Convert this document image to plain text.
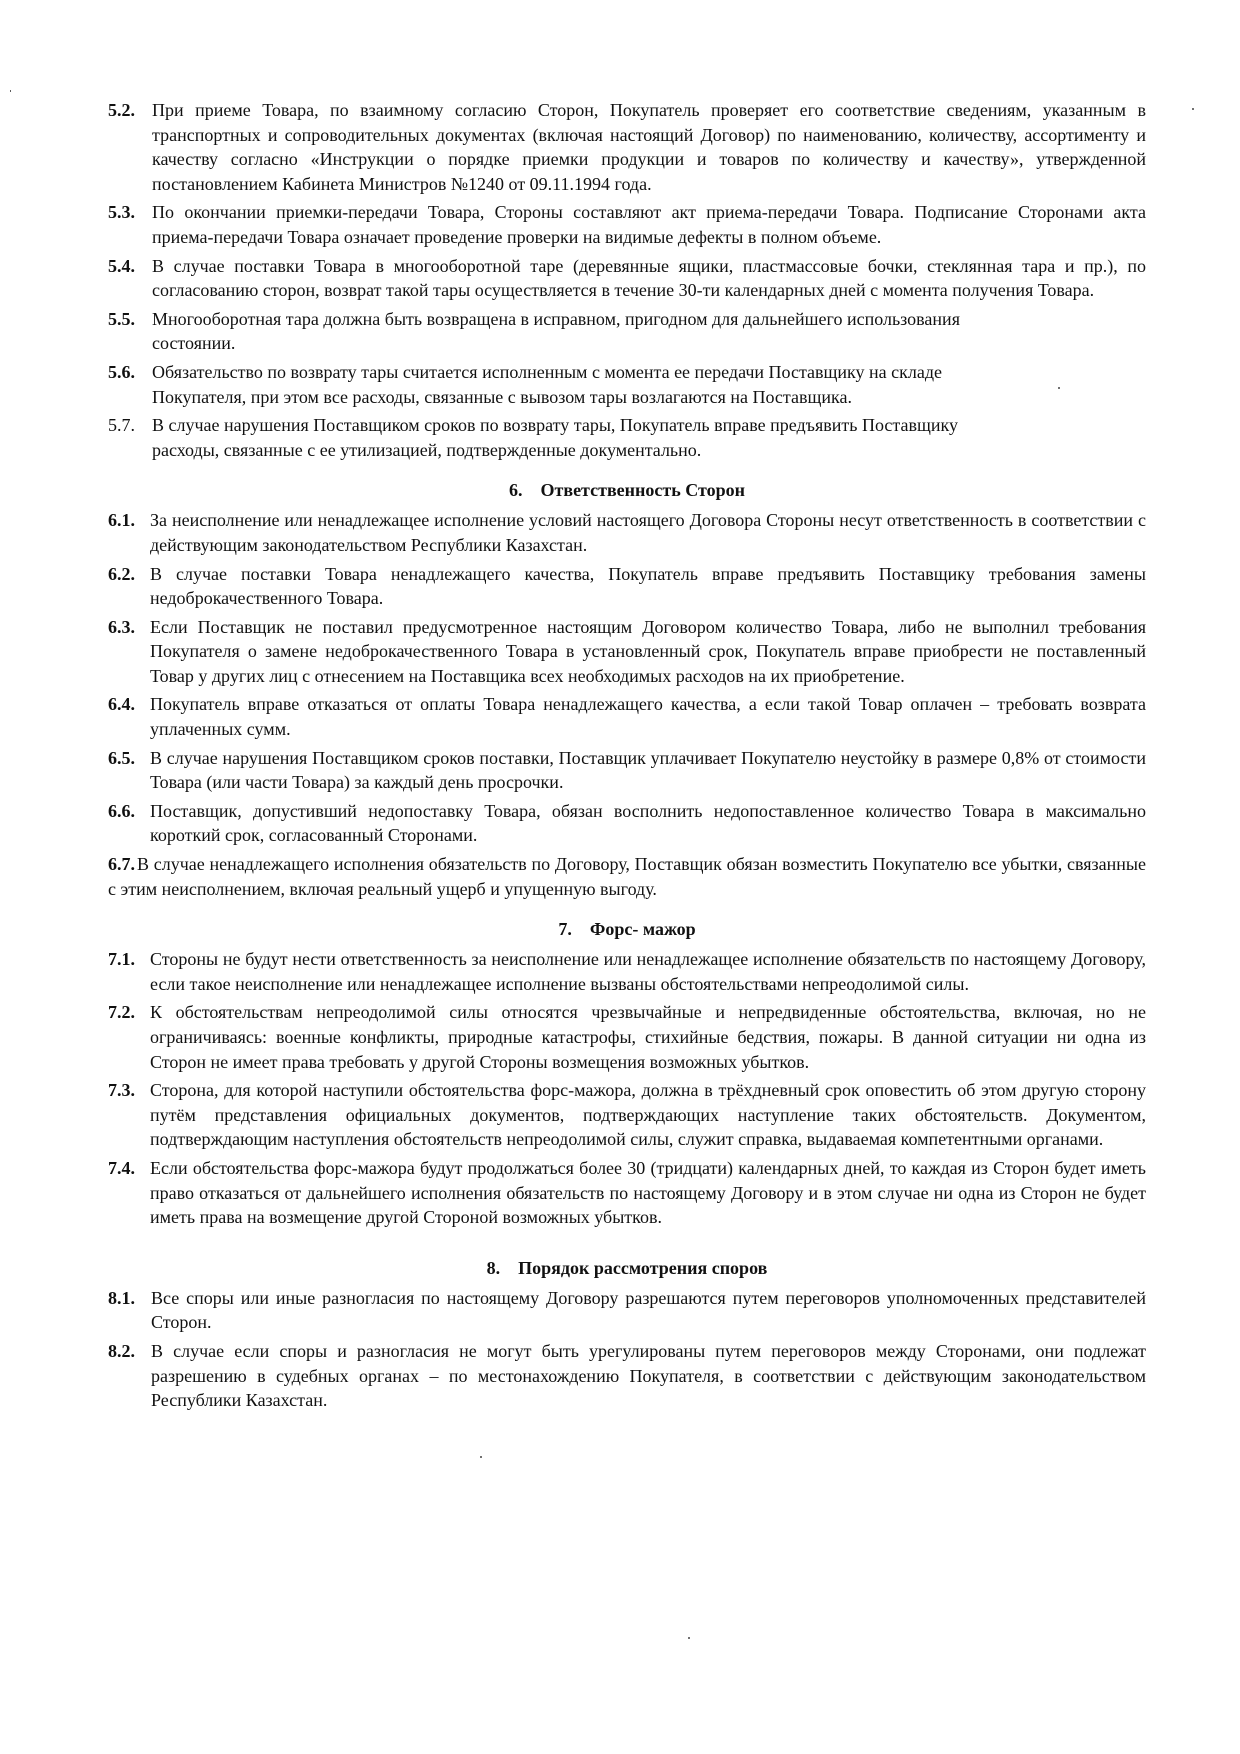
5.2. При приеме Товара, по взаимному согласию Сторон, Покупатель проверяет его соответствие сведениям, указанным в транспортных и сопроводительных документах (включая настоящий Договор) по наименованию, количеству, ассортименту и качеству согласно «Инструкции о порядке приемки продукции и товаров по количеству и качеству», утвержденной постановлением Кабинета Министров №1240 от 09.11.1994 года.
5.3. По окончании приемки-передачи Товара, Стороны составляют акт приема-передачи Товара. Подписание Сторонами акта приема-передачи Товара означает проведение проверки на видимые дефекты в полном объеме.
5.4. В случае поставки Товара в многооборотной таре (деревянные ящики, пластмассовые бочки, стеклянная тара и пр.), по согласованию сторон, возврат такой тары осуществляется в течение 30-ти календарных дней с момента получения Товара.
5.5. Многооборотная тара должна быть возвращена в исправном, пригодном для дальнейшего использования состоянии.
5.6. Обязательство по возврату тары считается исполненным с момента ее передачи Поставщику на складе Покупателя, при этом все расходы, связанные с вывозом тары возлагаются на Поставщика.
5.7. В случае нарушения Поставщиком сроков по возврату тары, Покупатель вправе предъявить Поставщику расходы, связанные с ее утилизацией, подтвержденные документально.
6. Ответственность Сторон
6.1. За неисполнение или ненадлежащее исполнение условий настоящего Договора Стороны несут ответственность в соответствии с действующим законодательством Республики Казахстан.
6.2. В случае поставки Товара ненадлежащего качества, Покупатель вправе предъявить Поставщику требования замены недоброкачественного Товара.
6.3. Если Поставщик не поставил предусмотренное настоящим Договором количество Товара, либо не выполнил требования Покупателя о замене недоброкачественного Товара в установленный срок, Покупатель вправе приобрести не поставленный Товар у других лиц с отнесением на Поставщика всех необходимых расходов на их приобретение.
6.4. Покупатель вправе отказаться от оплаты Товара ненадлежащего качества, а если такой Товар оплачен – требовать возврата уплаченных сумм.
6.5. В случае нарушения Поставщиком сроков поставки, Поставщик уплачивает Покупателю неустойку в размере 0,8% от стоимости Товара (или части Товара) за каждый день просрочки.
6.6. Поставщик, допустивший недопоставку Товара, обязан восполнить недопоставленное количество Товара в максимально короткий срок, согласованный Сторонами.

6.7. В случае ненадлежащего исполнения обязательств по Договору, Поставщик обязан возместить Покупателю все убытки, связанные с этим неисполнением, включая реальный ущерб и упущенную выгоду.

7. Форс- мажор
7.1. Стороны не будут нести ответственность за неисполнение или ненадлежащее исполнение обязательств по настоящему Договору, если такое неисполнение или ненадлежащее исполнение вызваны обстоятельствами непреодолимой силы.
7.2. К обстоятельствам непреодолимой силы относятся чрезвычайные и непредвиденные обстоятельства, включая, но не ограничиваясь: военные конфликты, природные катастрофы, стихийные бедствия, пожары. В данной ситуации ни одна из Сторон не имеет права требовать у другой Стороны возмещения возможных убытков.
7.3. Сторона, для которой наступили обстоятельства форс-мажора, должна в трёхдневный срок оповестить об этом другую сторону путём представления официальных документов, подтверждающих наступление таких обстоятельств. Документом, подтверждающим наступления обстоятельств непреодолимой силы, служит справка, выдаваемая компетентными органами.
7.4. Если обстоятельства форс-мажора будут продолжаться более 30 (тридцати) календарных дней, то каждая из Сторон будет иметь право отказаться от дальнейшего исполнения обязательств по настоящему Договору и в этом случае ни одна из Сторон не будет иметь права на возмещение другой Стороной возможных убытков.
8. Порядок рассмотрения споров
8.1. Все споры или иные разногласия по настоящему Договору разрешаются путем переговоров уполномоченных представителей Сторон.
8.2. В случае если споры и разногласия не могут быть урегулированы путем переговоров между Сторонами, они подлежат разрешению в судебных органах – по местонахождению Покупателя, в соответствии с действующим законодательством Республики Казахстан.
